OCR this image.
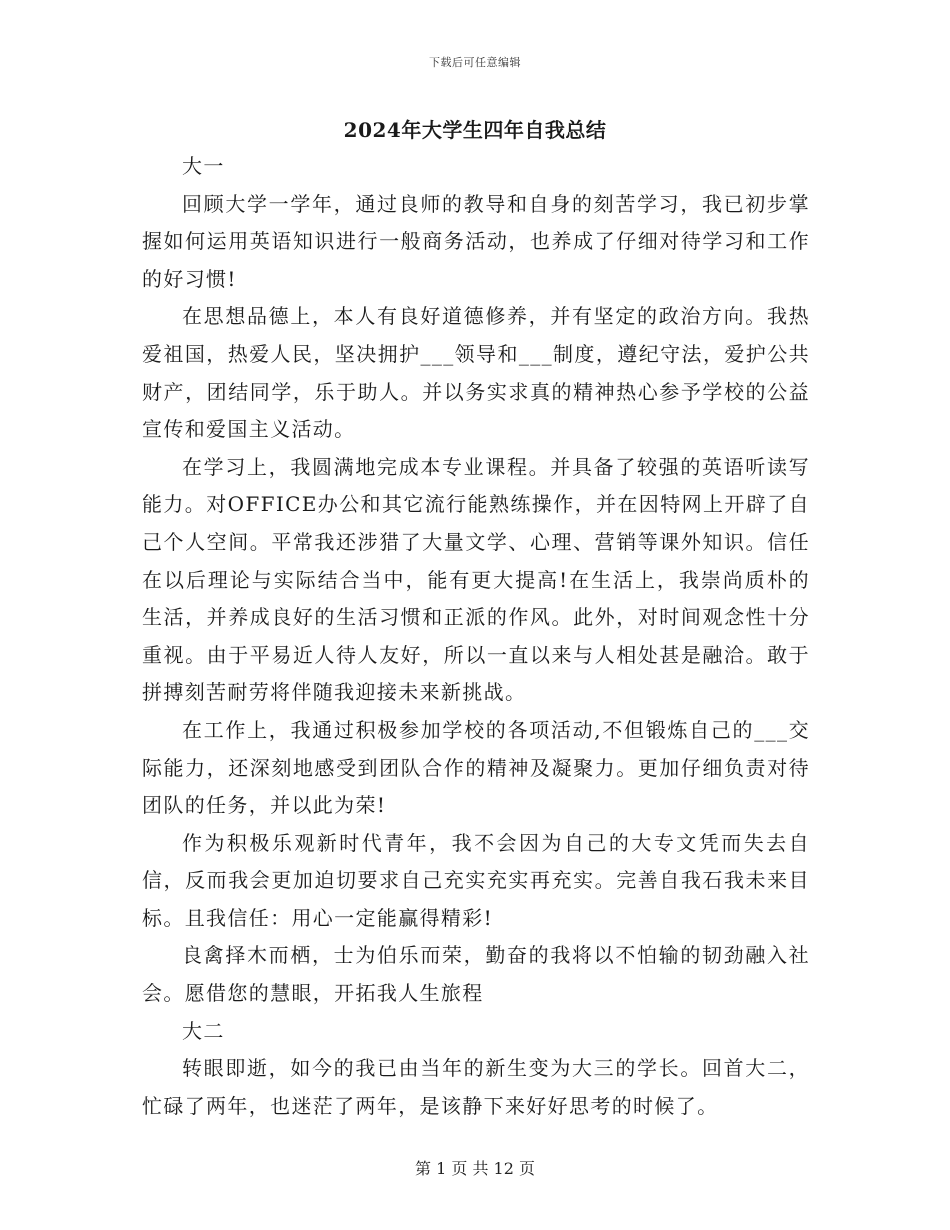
下载后可任意编辑
2024年大学生四年自我总结

大一

回顾大学一学年，通过良师的教导和自身的刻苦学习，我已初步掌握如何运用英语知识进行一般商务活动，也养成了仔细对待学习和工作的好习惯!

在思想品德上，本人有良好道德修养，并有坚定的政治方向。我热爱祖国，热爱人民，坚决拥护___领导和___制度，遵纪守法，爱护公共财产，团结同学，乐于助人。并以务实求真的精神热心参予学校的公益宣传和爱国主义活动。

在学习上，我圆满地完成本专业课程。并具备了较强的英语听读写能力。对OFFICE办公和其它流行能熟练操作，并在因特网上开辟了自己个人空间。平常我还涉猎了大量文学、心理、营销等课外知识。信任在以后理论与实际结合当中，能有更大提高!在生活上，我崇尚质朴的生活，并养成良好的生活习惯和正派的作风。此外，对时间观念性十分重视。由于平易近人待人友好，所以一直以来与人相处甚是融洽。敢于拼搏刻苦耐劳将伴随我迎接未来新挑战。

在工作上，我通过积极参加学校的各项活动,不但锻炼自己的___交际能力，还深刻地感受到团队合作的精神及凝聚力。更加仔细负责对待团队的任务，并以此为荣!

作为积极乐观新时代青年，我不会因为自己的大专文凭而失去自信，反而我会更加迫切要求自己充实充实再充实。完善自我石我未来目标。且我信任：用心一定能赢得精彩!

良禽择木而栖，士为伯乐而荣，勤奋的我将以不怕输的韧劲融入社会。愿借您的慧眼，开拓我人生旅程

大二

转眼即逝，如今的我已由当年的新生变为大三的学长。回首大二，忙碌了两年，也迷茫了两年，是该静下来好好思考的时候了。

第 1 页 共 12 页
